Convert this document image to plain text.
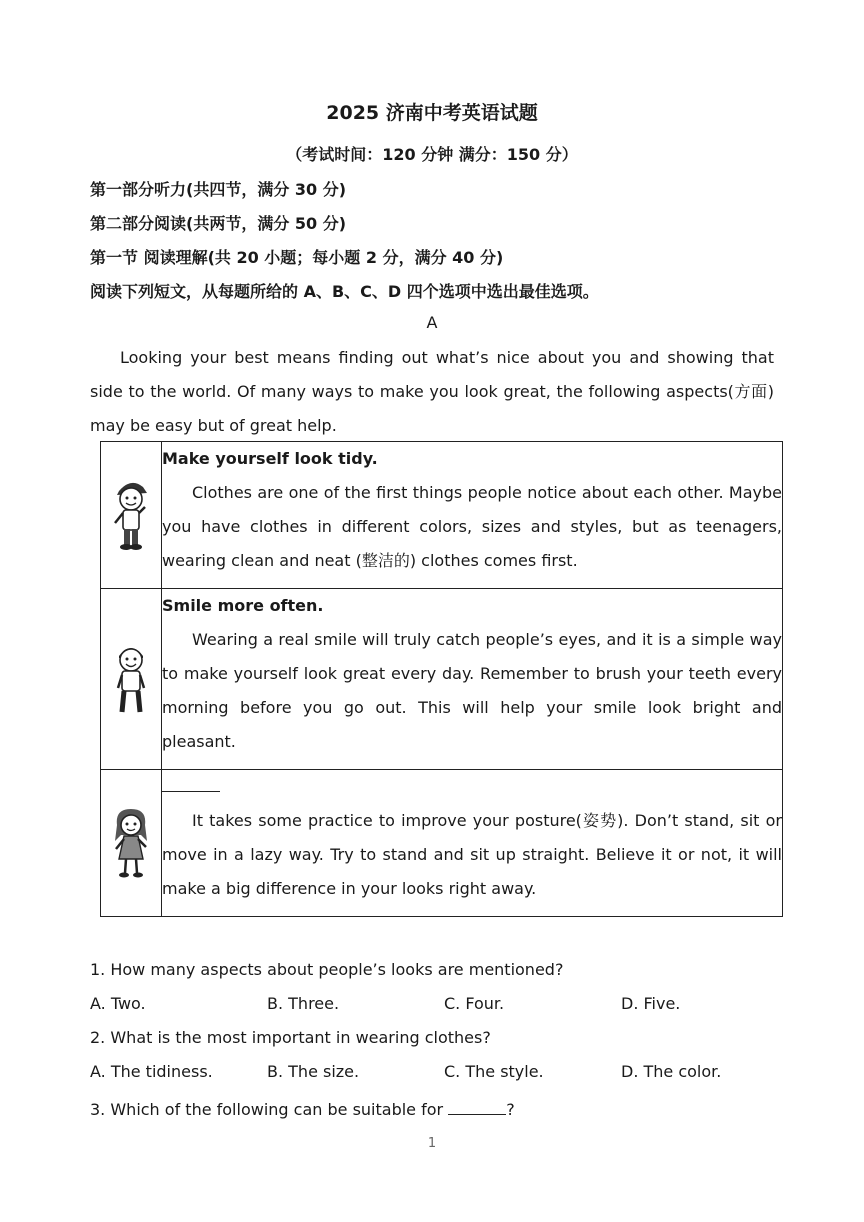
2025 济南中考英语试题
（考试时间：120 分钟 满分：150 分）
第一部分听力(共四节，满分 30 分)
第二部分阅读(共两节，满分 50 分)
第一节 阅读理解(共 20 小题；每小题 2 分，满分 40 分)
阅读下列短文，从每题所给的 A、B、C、D 四个选项中选出最佳选项。
A

Looking your best means finding out what’s nice about you and showing that side to the world. Of many ways to make you look great, the following aspects(方面) may be easy but of great help.

Make yourself look tidy.

Clothes are one of the first things people notice about each other. Maybe you have clothes in different colors, sizes and styles, but as teenagers, wearing clean and neat (整洁的) clothes comes first.

Smile more often.

Wearing a real smile will truly catch people’s eyes, and it is a simple way to make yourself look great every day. Remember to brush your teeth every morning before you go out. This will help your smile look bright and pleasant.

It takes some practice to improve your posture(姿势). Don’t stand, sit or move in a lazy way. Try to stand and sit up straight. Believe it or not, it will make a big difference in your looks right away.

1. How many aspects about people’s looks are mentioned?
A. Two.	B. Three.	C. Four.	D. Five.
2. What is the most important in wearing clothes?
A. The tidiness.	B. The size.	C. The style.	D. The color.
3. Which of the following can be suitable for	?
1
